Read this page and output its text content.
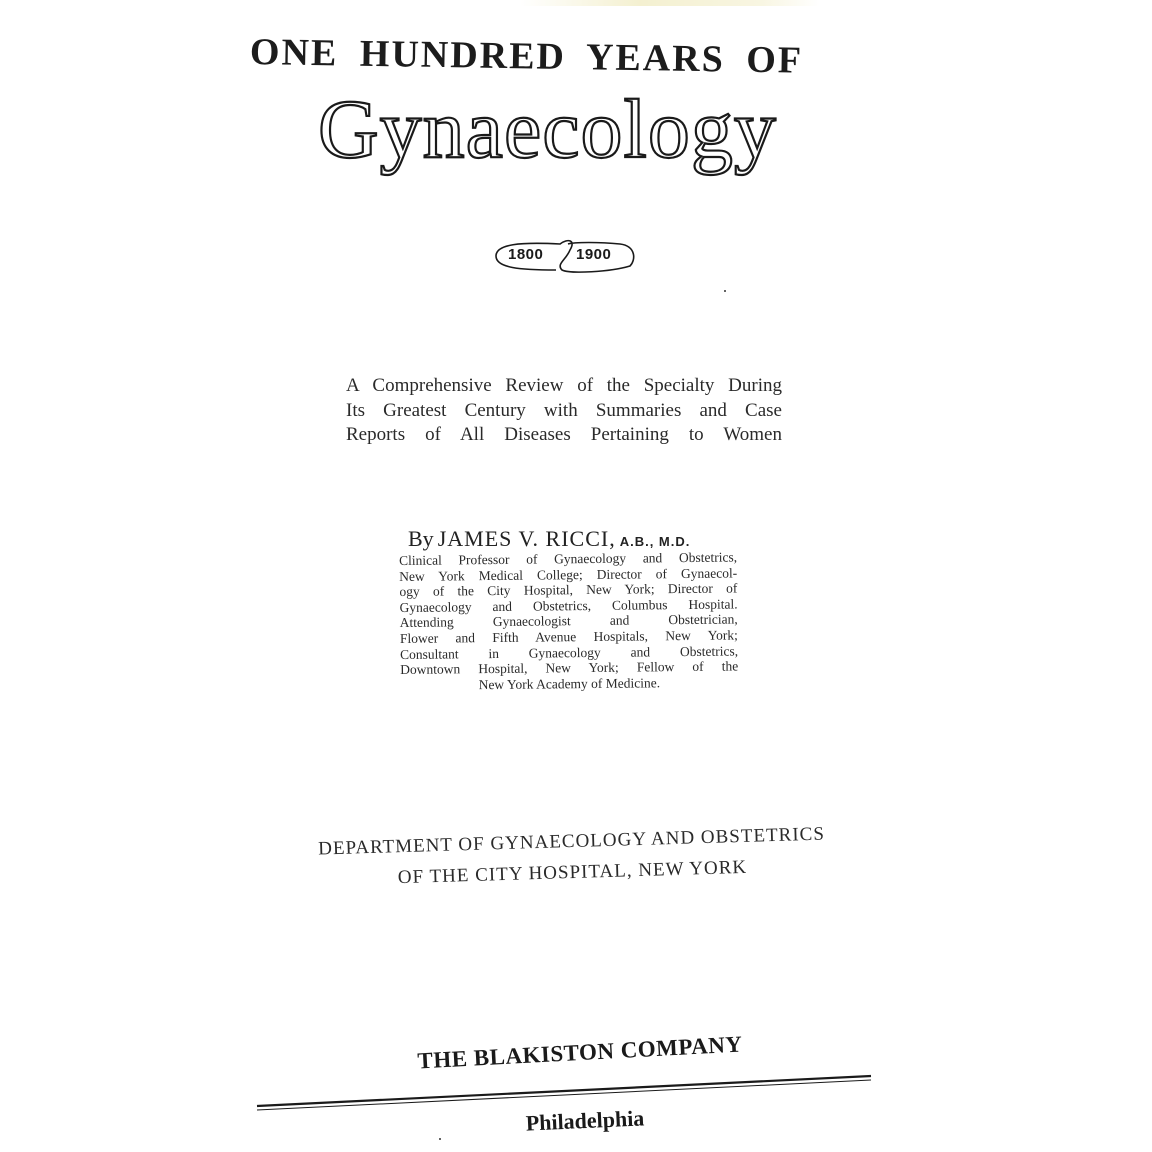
ONE HUNDRED YEARS OF
Gynaecology
1800 1900
A Comprehensive Review of the Specialty During
Its Greatest Century with Summaries and Case
Reports of All Diseases Pertaining to Women
By JAMES V. RICCI, A.B., M.D.
Clinical Professor of Gynaecology and Obstetrics,
New York Medical College; Director of Gynaecol-
ogy of the City Hospital, New York; Director of
Gynaecology and Obstetrics, Columbus Hospital.
Attending Gynaecologist and Obstetrician,
Flower and Fifth Avenue Hospitals, New York;
Consultant in Gynaecology and Obstetrics,
Downtown Hospital, New York; Fellow of the
New York Academy of Medicine.
DEPARTMENT OF GYNAECOLOGY AND OBSTETRICS
OF THE CITY HOSPITAL, NEW YORK
THE BLAKISTON COMPANY
Philadelphia
